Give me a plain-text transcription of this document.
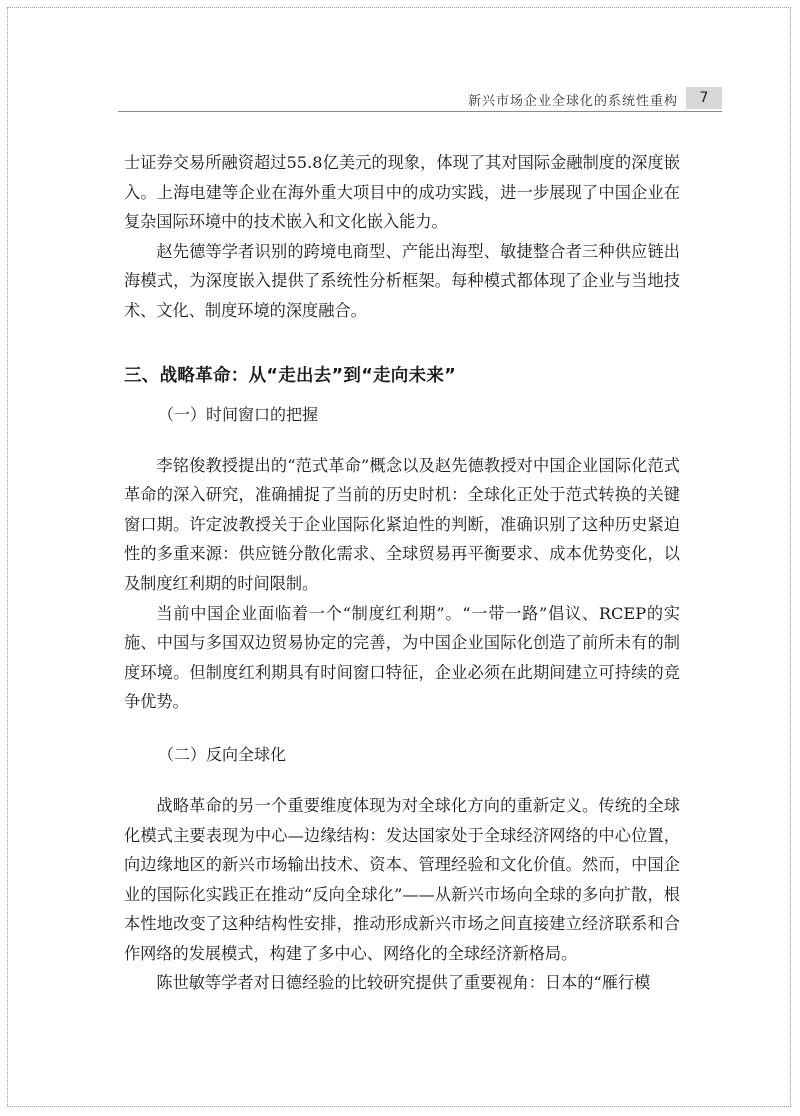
新兴市场企业全球化的系统性重构	7

士证券交易所融资超过55.8亿美元的现象，体现了其对国际金融制度的深度嵌入。上海电建等企业在海外重大项目中的成功实践，进一步展现了中国企业在复杂国际环境中的技术嵌入和文化嵌入能力。

赵先德等学者识别的跨境电商型、产能出海型、敏捷整合者三种供应链出海模式，为深度嵌入提供了系统性分析框架。每种模式都体现了企业与当地技术、文化、制度环境的深度融合。

三、战略革命：从“走出去”到“走向未来”
（一）时间窗口的把握

李铭俊教授提出的“范式革命”概念以及赵先德教授对中国企业国际化范式革命的深入研究，准确捕捉了当前的历史时机：全球化正处于范式转换的关键窗口期。许定波教授关于企业国际化紧迫性的判断，准确识别了这种历史紧迫性的多重来源：供应链分散化需求、全球贸易再平衡要求、成本优势变化，以及制度红利期的时间限制。

当前中国企业面临着一个“制度红利期”。“一带一路”倡议、RCEP的实施、中国与多国双边贸易协定的完善，为中国企业国际化创造了前所未有的制度环境。但制度红利期具有时间窗口特征，企业必须在此期间建立可持续的竞争优势。

（二）反向全球化

战略革命的另一个重要维度体现为对全球化方向的重新定义。传统的全球化模式主要表现为中心—边缘结构：发达国家处于全球经济网络的中心位置，向边缘地区的新兴市场输出技术、资本、管理经验和文化价值。然而，中国企业的国际化实践正在推动“反向全球化”——从新兴市场向全球的多向扩散，根本性地改变了这种结构性安排，推动形成新兴市场之间直接建立经济联系和合作网络的发展模式，构建了多中心、网络化的全球经济新格局。

陈世敏等学者对日德经验的比较研究提供了重要视角：日本的“雁行模
